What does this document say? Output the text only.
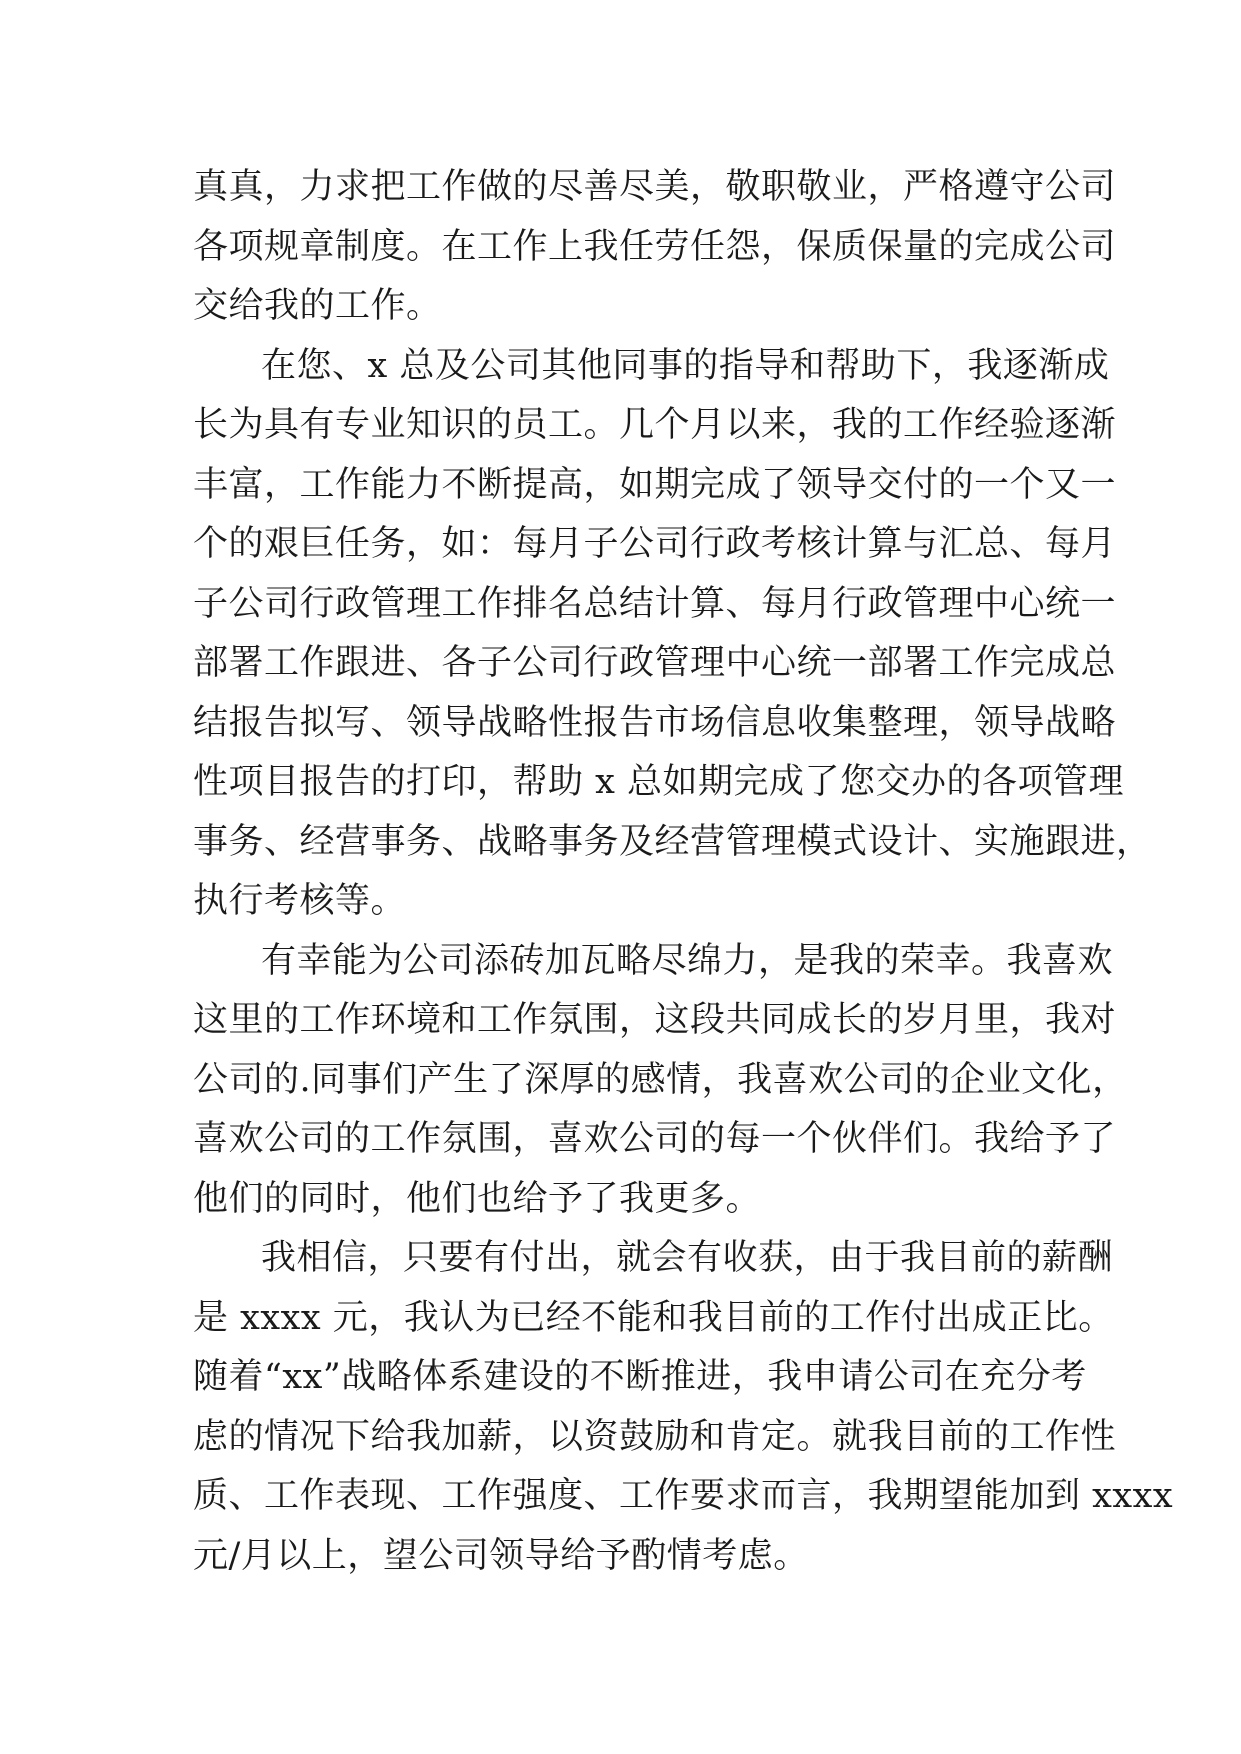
真真，力求把工作做的尽善尽美，敬职敬业，严格遵守公司
各项规章制度。在工作上我任劳任怨，保质保量的完成公司
交给我的工作。
在您、x 总及公司其他同事的指导和帮助下，我逐渐成
长为具有专业知识的员工。几个月以来，我的工作经验逐渐
丰富，工作能力不断提高，如期完成了领导交付的一个又一
个的艰巨任务，如：每月子公司行政考核计算与汇总、每月
子公司行政管理工作排名总结计算、每月行政管理中心统一
部署工作跟进、各子公司行政管理中心统一部署工作完成总
结报告拟写、领导战略性报告市场信息收集整理，领导战略
性项目报告的打印，帮助 x 总如期完成了您交办的各项管理
事务、经营事务、战略事务及经营管理模式设计、实施跟进，
执行考核等。
有幸能为公司添砖加瓦略尽绵力，是我的荣幸。我喜欢
这里的工作环境和工作氛围，这段共同成长的岁月里，我对
公司的.同事们产生了深厚的感情，我喜欢公司的企业文化，
喜欢公司的工作氛围，喜欢公司的每一个伙伴们。我给予了
他们的同时，他们也给予了我更多。
我相信，只要有付出，就会有收获，由于我目前的薪酬
是 xxxx 元，我认为已经不能和我目前的工作付出成正比。
随着“xx”战略体系建设的不断推进，我申请公司在充分考
虑的情况下给我加薪，以资鼓励和肯定。就我目前的工作性
质、工作表现、工作强度、工作要求而言，我期望能加到 xxxx
元/月以上，望公司领导给予酌情考虑。
